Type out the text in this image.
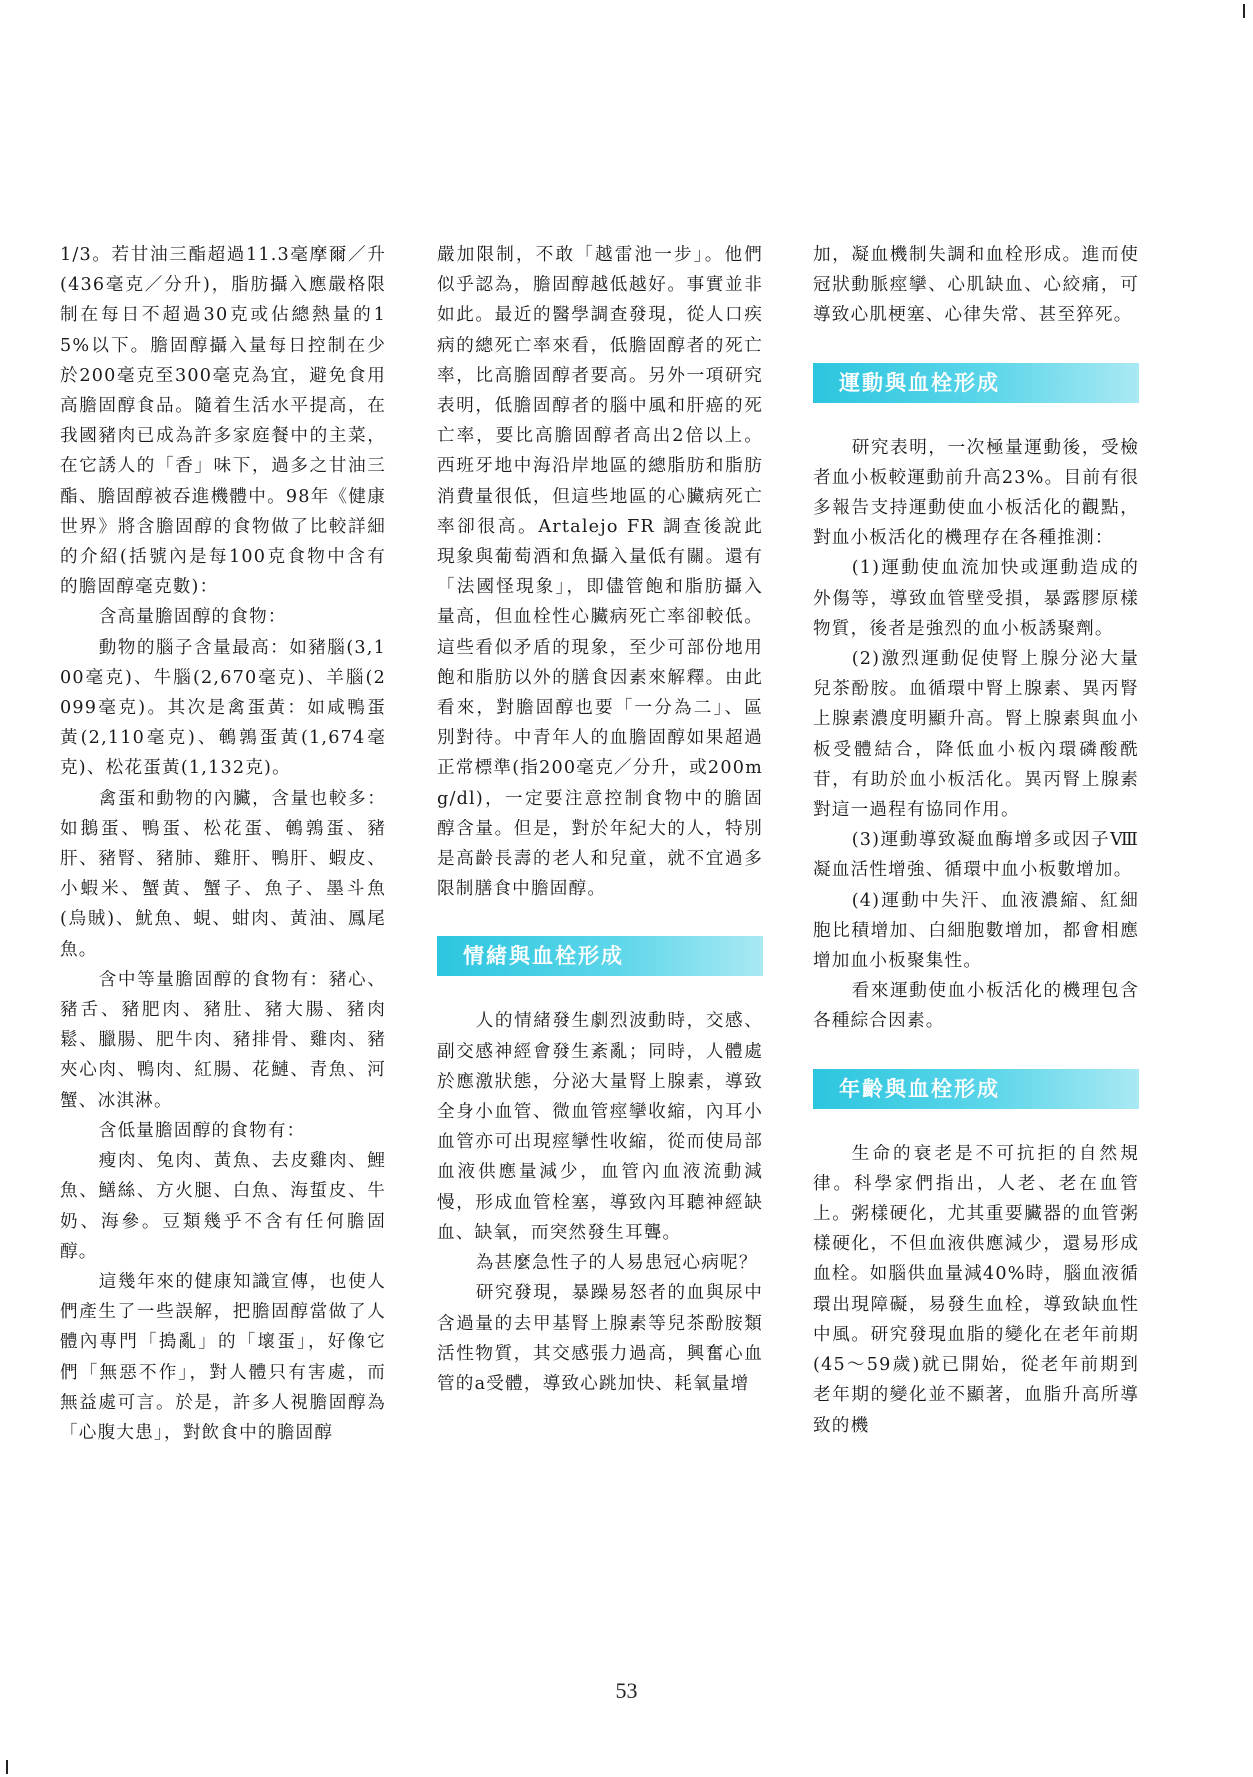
1/3。若甘油三酯超過11.3毫摩爾／升(436毫克／分升)，脂肪攝入應嚴格限制在每日不超過30克或佔總熱量的15%以下。膽固醇攝入量每日控制在少於200毫克至300毫克為宜，避免食用高膽固醇食品。隨着生活水平提高，在我國豬肉已成為許多家庭餐中的主菜，在它誘人的「香」味下，過多之甘油三酯、膽固醇被吞進機體中。98年《健康世界》將含膽固醇的食物做了比較詳細的介紹(括號內是每100克食物中含有的膽固醇毫克數)：

含高量膽固醇的食物：

動物的腦子含量最高：如豬腦(3,100毫克)、牛腦(2,670毫克)、羊腦(2099毫克)。其次是禽蛋黃：如咸鴨蛋黃(2,110毫克)、鵪鶉蛋黃(1,674毫克)、松花蛋黃(1,132克)。

禽蛋和動物的內臟，含量也較多：如鵝蛋、鴨蛋、松花蛋、鵪鶉蛋、豬肝、豬腎、豬肺、雞肝、鴨肝、蝦皮、小蝦米、蟹黃、蟹子、魚子、墨斗魚(烏賊)、魷魚、蜆、蚶肉、黃油、鳳尾魚。

含中等量膽固醇的食物有：豬心、豬舌、豬肥肉、豬肚、豬大腸、豬肉鬆、臘腸、肥牛肉、豬排骨、雞肉、豬夾心肉、鴨肉、紅腸、花鰱、青魚、河蟹、冰淇淋。

含低量膽固醇的食物有：

瘦肉、兔肉、黃魚、去皮雞肉、鯉魚、鱔絲、方火腿、白魚、海蜇皮、牛奶、海參。豆類幾乎不含有任何膽固醇。

這幾年來的健康知識宣傳，也使人們產生了一些誤解，把膽固醇當做了人體內專門「搗亂」的「壞蛋」，好像它們「無惡不作」，對人體只有害處，而無益處可言。於是，許多人視膽固醇為「心腹大患」，對飲食中的膽固醇

嚴加限制，不敢「越雷池一步」。他們似乎認為，膽固醇越低越好。事實並非如此。最近的醫學調查發現，從人口疾病的總死亡率來看，低膽固醇者的死亡率，比高膽固醇者要高。另外一項研究表明，低膽固醇者的腦中風和肝癌的死亡率，要比高膽固醇者高出2倍以上。西班牙地中海沿岸地區的總脂肪和脂肪消費量很低，但這些地區的心臟病死亡率卻很高。Artalejo FR 調查後說此現象與葡萄酒和魚攝入量低有關。還有「法國怪現象」，即儘管飽和脂肪攝入量高，但血栓性心臟病死亡率卻較低。這些看似矛盾的現象，至少可部份地用飽和脂肪以外的膳食因素來解釋。由此看來，對膽固醇也要「一分為二」、區別對待。中青年人的血膽固醇如果超過正常標準(指200毫克／分升，或200mg/dl)，一定要注意控制食物中的膽固醇含量。但是，對於年紀大的人，特別是高齡長壽的老人和兒童，就不宜過多限制膳食中膽固醇。

情緒與血栓形成

人的情緒發生劇烈波動時，交感、副交感神經會發生紊亂；同時，人體處於應激狀態，分泌大量腎上腺素，導致全身小血管、微血管痙攣收縮，內耳小血管亦可出現痙攣性收縮，從而使局部血液供應量減少，血管內血液流動減慢，形成血管栓塞，導致內耳聽神經缺血、缺氧，而突然發生耳聾。

為甚麼急性子的人易患冠心病呢？

研究發現，暴躁易怒者的血與尿中含過量的去甲基腎上腺素等兒茶酚胺類活性物質，其交感張力過高，興奮心血管的a受體，導致心跳加快、耗氧量增

加，凝血機制失調和血栓形成。進而使冠狀動脈痙攣、心肌缺血、心絞痛，可導致心肌梗塞、心律失常、甚至猝死。

運動與血栓形成

研究表明，一次極量運動後，受檢者血小板較運動前升高23%。目前有很多報告支持運動使血小板活化的觀點，對血小板活化的機理存在各種推測：

(1)運動使血流加快或運動造成的外傷等，導致血管壁受損，暴露膠原樣物質，後者是強烈的血小板誘聚劑。

(2)激烈運動促使腎上腺分泌大量兒茶酚胺。血循環中腎上腺素、異丙腎上腺素濃度明顯升高。腎上腺素與血小板受體結合，降低血小板內環磷酸酰苷，有助於血小板活化。異丙腎上腺素對這一過程有協同作用。

(3)運動導致凝血酶增多或因子Ⅷ凝血活性增強、循環中血小板數增加。

(4)運動中失汗、血液濃縮、紅細胞比積增加、白細胞數增加，都會相應增加血小板聚集性。

看來運動使血小板活化的機理包含各種綜合因素。

年齡與血栓形成

生命的衰老是不可抗拒的自然規律。科學家們指出，人老、老在血管上。粥樣硬化，尤其重要臟器的血管粥樣硬化，不但血液供應減少，還易形成血栓。如腦供血量減40%時，腦血液循環出現障礙，易發生血栓，導致缺血性中風。研究發現血脂的變化在老年前期(45～59歲)就已開始，從老年前期到老年期的變化並不顯著，血脂升高所導致的機

53
